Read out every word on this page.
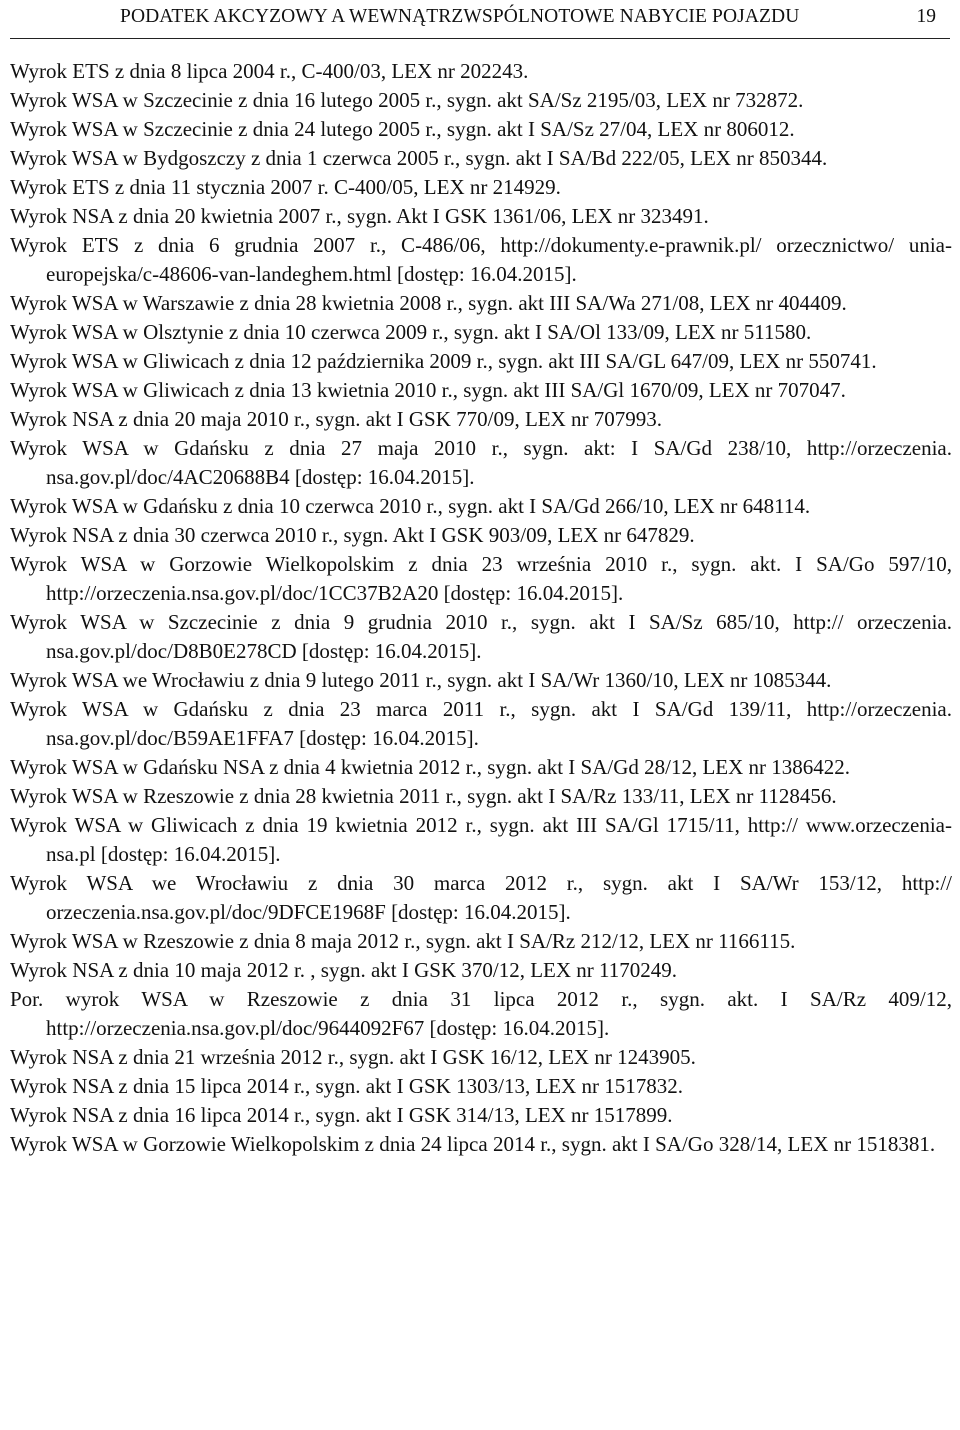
PODATEK AKCYZOWY A WEWNĄTRZWSPÓLNOTOWE NABYCIE POJAZDU	19
Wyrok ETS z dnia 8 lipca 2004 r., C-400/03, LEX nr 202243.
Wyrok WSA w Szczecinie z dnia 16 lutego 2005 r., sygn. akt SA/Sz 2195/03, LEX nr 732872.
Wyrok WSA w Szczecinie z dnia 24 lutego 2005 r., sygn. akt I SA/Sz 27/04, LEX nr 806012.
Wyrok WSA w Bydgoszczy z dnia 1 czerwca 2005 r., sygn. akt I SA/Bd 222/05, LEX nr 850344.
Wyrok ETS z dnia 11 stycznia 2007 r. C-400/05, LEX nr 214929.
Wyrok NSA z dnia 20 kwietnia 2007 r., sygn. Akt I GSK 1361/06, LEX nr 323491.
Wyrok ETS z dnia 6 grudnia 2007 r., C-486/06, http://dokumenty.e-prawnik.pl/ orzecznictwo/ unia-europejska/c-48606-van-landeghem.html [dostęp: 16.04.2015].
Wyrok WSA w Warszawie z dnia 28 kwietnia 2008 r., sygn. akt III SA/Wa 271/08, LEX nr 404409.
Wyrok WSA w Olsztynie z dnia 10 czerwca 2009 r., sygn. akt I SA/Ol 133/09, LEX nr 511580.
Wyrok WSA w Gliwicach z dnia 12 października 2009 r., sygn. akt III SA/GL 647/09, LEX nr 550741.
Wyrok WSA w Gliwicach z dnia 13 kwietnia 2010 r., sygn. akt III SA/Gl 1670/09, LEX nr 707047.
Wyrok NSA z dnia 20 maja 2010 r., sygn. akt I GSK 770/09, LEX nr 707993.
Wyrok WSA w Gdańsku z dnia 27 maja 2010 r., sygn. akt: I SA/Gd 238/10, http://orzeczenia. nsa.gov.pl/doc/4AC20688B4 [dostęp: 16.04.2015].
Wyrok WSA w Gdańsku z dnia 10 czerwca 2010 r., sygn. akt I SA/Gd 266/10, LEX nr 648114.
Wyrok NSA z dnia 30 czerwca 2010 r., sygn. Akt I GSK 903/09, LEX nr 647829.
Wyrok WSA w Gorzowie Wielkopolskim z dnia 23 września 2010 r., sygn. akt. I SA/Go 597/10, http://orzeczenia.nsa.gov.pl/doc/1CC37B2A20 [dostęp: 16.04.2015].
Wyrok WSA w Szczecinie z dnia 9 grudnia 2010 r., sygn. akt I SA/Sz 685/10, http:// orzeczenia. nsa.gov.pl/doc/D8B0E278CD [dostęp: 16.04.2015].
Wyrok WSA we Wrocławiu z dnia 9 lutego 2011 r., sygn. akt I SA/Wr 1360/10, LEX nr 1085344.
Wyrok WSA w Gdańsku z dnia 23 marca 2011 r., sygn. akt I SA/Gd 139/11, http://orzeczenia. nsa.gov.pl/doc/B59AE1FFA7 [dostęp: 16.04.2015].
Wyrok WSA w Gdańsku NSA z dnia 4 kwietnia 2012 r., sygn. akt I SA/Gd 28/12, LEX nr 1386422.
Wyrok WSA w Rzeszowie z dnia 28 kwietnia 2011 r., sygn. akt I SA/Rz 133/11, LEX nr 1128456.
Wyrok WSA w Gliwicach z dnia 19 kwietnia 2012 r., sygn. akt III SA/Gl 1715/11, http:// www.orzeczenia-nsa.pl [dostęp: 16.04.2015].
Wyrok WSA we Wrocławiu z dnia 30 marca 2012 r., sygn. akt I SA/Wr 153/12, http:// orzeczenia.nsa.gov.pl/doc/9DFCE1968F [dostęp: 16.04.2015].
Wyrok WSA w Rzeszowie z dnia 8 maja 2012 r., sygn. akt I SA/Rz 212/12, LEX nr 1166115.
Wyrok NSA z dnia 10 maja 2012 r. , sygn. akt I GSK 370/12, LEX nr 1170249.
Por. wyrok WSA w Rzeszowie z dnia 31 lipca 2012 r., sygn. akt. I SA/Rz 409/12, http://orzeczenia.nsa.gov.pl/doc/9644092F67 [dostęp: 16.04.2015].
Wyrok NSA z dnia 21 września 2012 r., sygn. akt I GSK 16/12, LEX nr 1243905.
Wyrok NSA z dnia 15 lipca 2014 r., sygn. akt I GSK 1303/13, LEX nr 1517832.
Wyrok NSA z dnia 16 lipca 2014 r., sygn. akt I GSK 314/13, LEX nr 1517899.
Wyrok WSA w Gorzowie Wielkopolskim z dnia 24 lipca 2014 r., sygn. akt I SA/Go 328/14, LEX nr 1518381.
